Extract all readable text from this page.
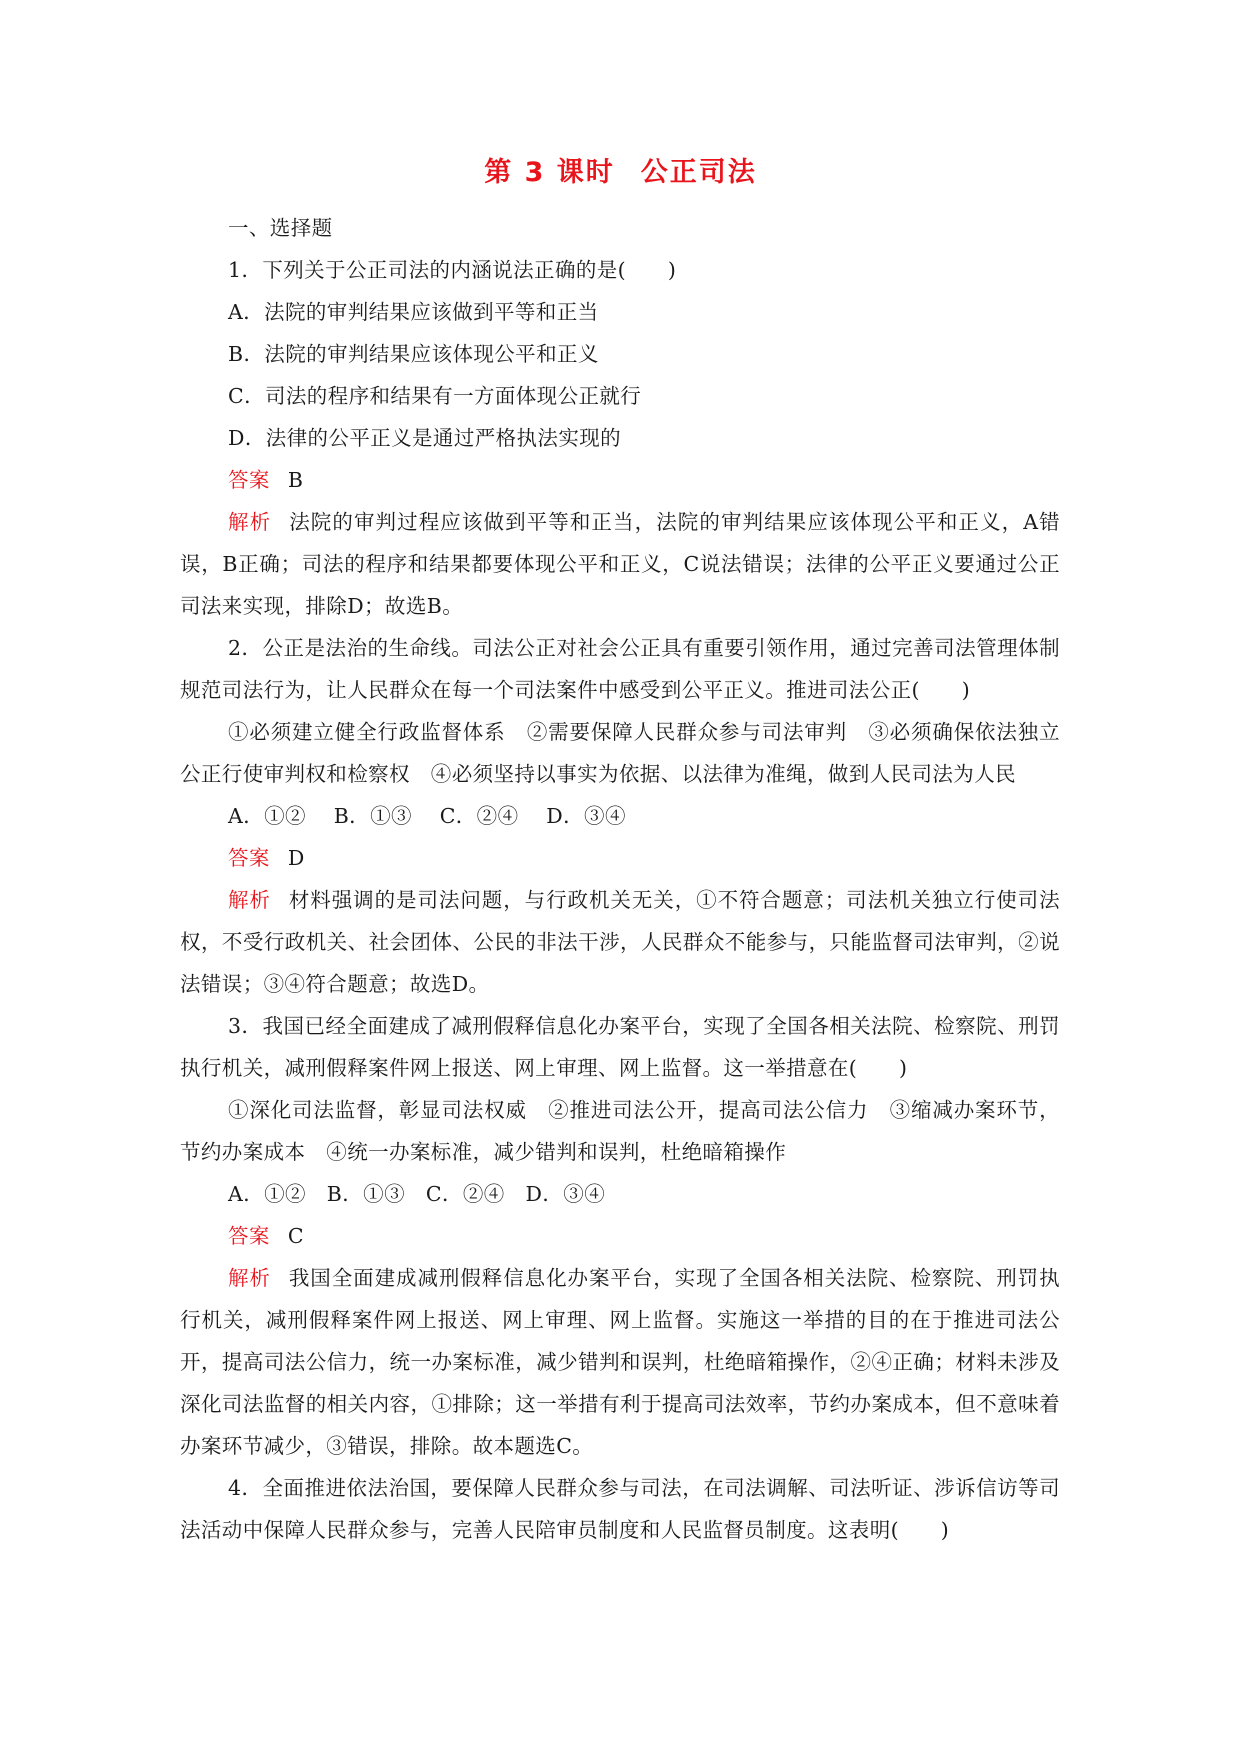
第 3 课时 公正司法

一、选择题

1．下列关于公正司法的内涵说法正确的是(　　)

A．法院的审判结果应该做到平等和正当

B．法院的审判结果应该体现公平和正义

C．司法的程序和结果有一方面体现公正就行

D．法律的公平正义是通过严格执法实现的

答案 B

解析 法院的审判过程应该做到平等和正当，法院的审判结果应该体现公平和正义，A错误，B正确；司法的程序和结果都要体现公平和正义，C说法错误；法律的公平正义要通过公正司法来实现，排除D；故选B。

2．公正是法治的生命线。司法公正对社会公正具有重要引领作用，通过完善司法管理体制规范司法行为，让人民群众在每一个司法案件中感受到公平正义。推进司法公正(　　)

①必须建立健全行政监督体系　②需要保障人民群众参与司法审判　③必须确保依法独立公正行使审判权和检察权　④必须坚持以事实为依据、以法律为准绳，做到人民司法为人民

A．①②　 B．①③　 C．②④　 D．③④

答案 D

解析 材料强调的是司法问题，与行政机关无关，①不符合题意；司法机关独立行使司法权，不受行政机关、社会团体、公民的非法干涉，人民群众不能参与，只能监督司法审判，②说法错误；③④符合题意；故选D。

3．我国已经全面建成了减刑假释信息化办案平台，实现了全国各相关法院、检察院、刑罚执行机关，减刑假释案件网上报送、网上审理、网上监督。这一举措意在(　　)

①深化司法监督，彰显司法权威　②推进司法公开，提高司法公信力　③缩减办案环节，节约办案成本　④统一办案标准，减少错判和误判，杜绝暗箱操作

A．①②　B．①③　C．②④　D．③④

答案 C

解析 我国全面建成减刑假释信息化办案平台，实现了全国各相关法院、检察院、刑罚执行机关，减刑假释案件网上报送、网上审理、网上监督。实施这一举措的目的在于推进司法公开，提高司法公信力，统一办案标准，减少错判和误判，杜绝暗箱操作，②④正确；材料未涉及深化司法监督的相关内容，①排除；这一举措有利于提高司法效率，节约办案成本，但不意味着办案环节减少，③错误，排除。故本题选C。

4．全面推进依法治国，要保障人民群众参与司法，在司法调解、司法听证、涉诉信访等司法活动中保障人民群众参与，完善人民陪审员制度和人民监督员制度。这表明(　　)
